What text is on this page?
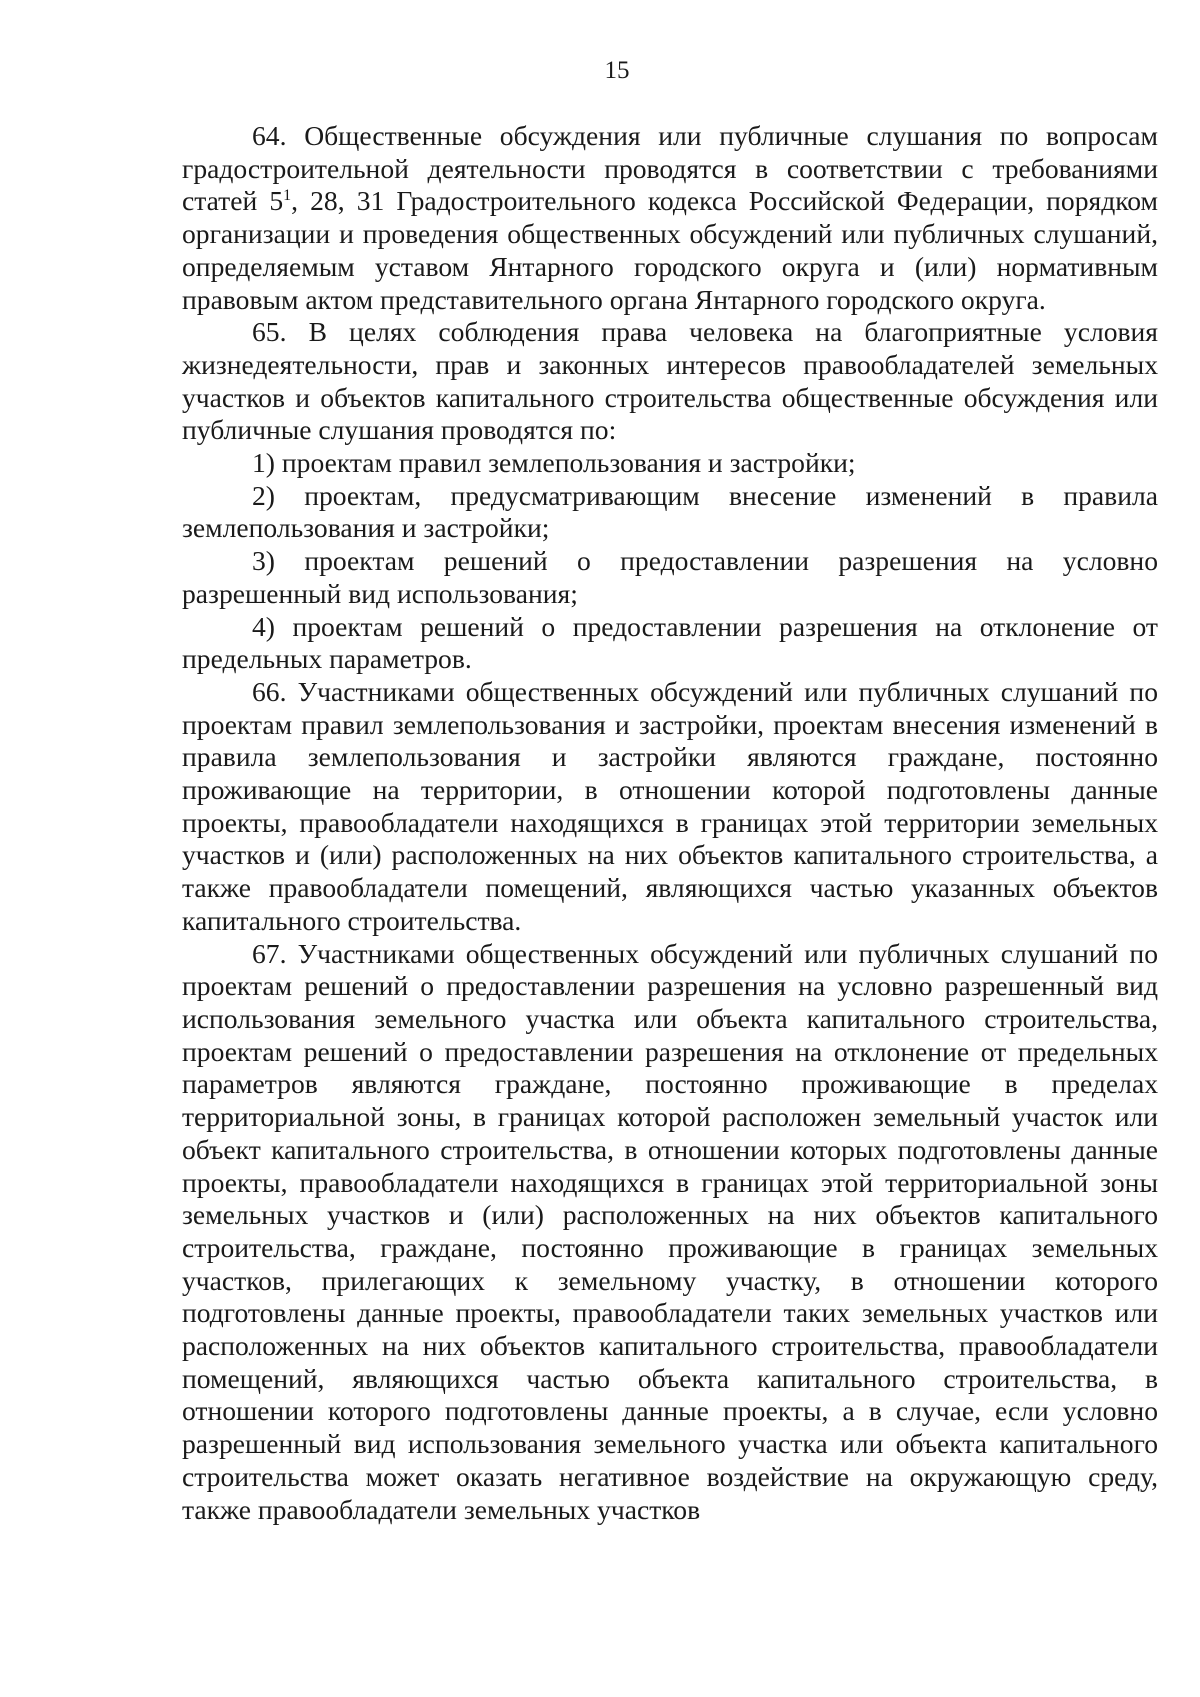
15

64. Общественные обсуждения или публичные слушания по вопросам градостроительной деятельности проводятся в соответствии с требованиями статей $5^1$, 28, 31 Градостроительного кодекса Российской Федерации, порядком организации и проведения общественных обсуждений или публичных слушаний, определяемым уставом Янтарного городского округа и (или) нормативным правовым актом представительного органа Янтарного городского округа.

65. В целях соблюдения права человека на благоприятные условия жизнедеятельности, прав и законных интересов правообладателей земельных участков и объектов капитального строительства общественные обсуждения или публичные слушания проводятся по:

1) проектам правил землепользования и застройки;

2) проектам, предусматривающим внесение изменений в правила землепользования и застройки;

3) проектам решений о предоставлении разрешения на условно разрешенный вид использования;

4) проектам решений о предоставлении разрешения на отклонение от предельных параметров.

66. Участниками общественных обсуждений или публичных слушаний по проектам правил землепользования и застройки, проектам внесения изменений в правила землепользования и застройки являются граждане, постоянно проживающие на территории, в отношении которой подготовлены данные проекты, правообладатели находящихся в границах этой территории земельных участков и (или) расположенных на них объектов капитального строительства, а также правообладатели помещений, являющихся частью указанных объектов капитального строительства.

67. Участниками общественных обсуждений или публичных слушаний по проектам решений о предоставлении разрешения на условно разрешенный вид использования земельного участка или объекта капитального строительства, проектам решений о предоставлении разрешения на отклонение от предельных параметров являются граждане, постоянно проживающие в пределах территориальной зоны, в границах которой расположен земельный участок или объект капитального строительства, в отношении которых подготовлены данные проекты, правообладатели находящихся в границах этой территориальной зоны земельных участков и (или) расположенных на них объектов капитального строительства, граждане, постоянно проживающие в границах земельных участков, прилегающих к земельному участку, в отношении которого подготовлены данные проекты, правообладатели таких земельных участков или расположенных на них объектов капитального строительства, правообладатели помещений, являющихся частью объекта капитального строительства, в отношении которого подготовлены данные проекты, а в случае, если условно разрешенный вид использования земельного участка или объекта капитального строительства может оказать негативное воздействие на окружающую среду, также правообладатели земельных участков
